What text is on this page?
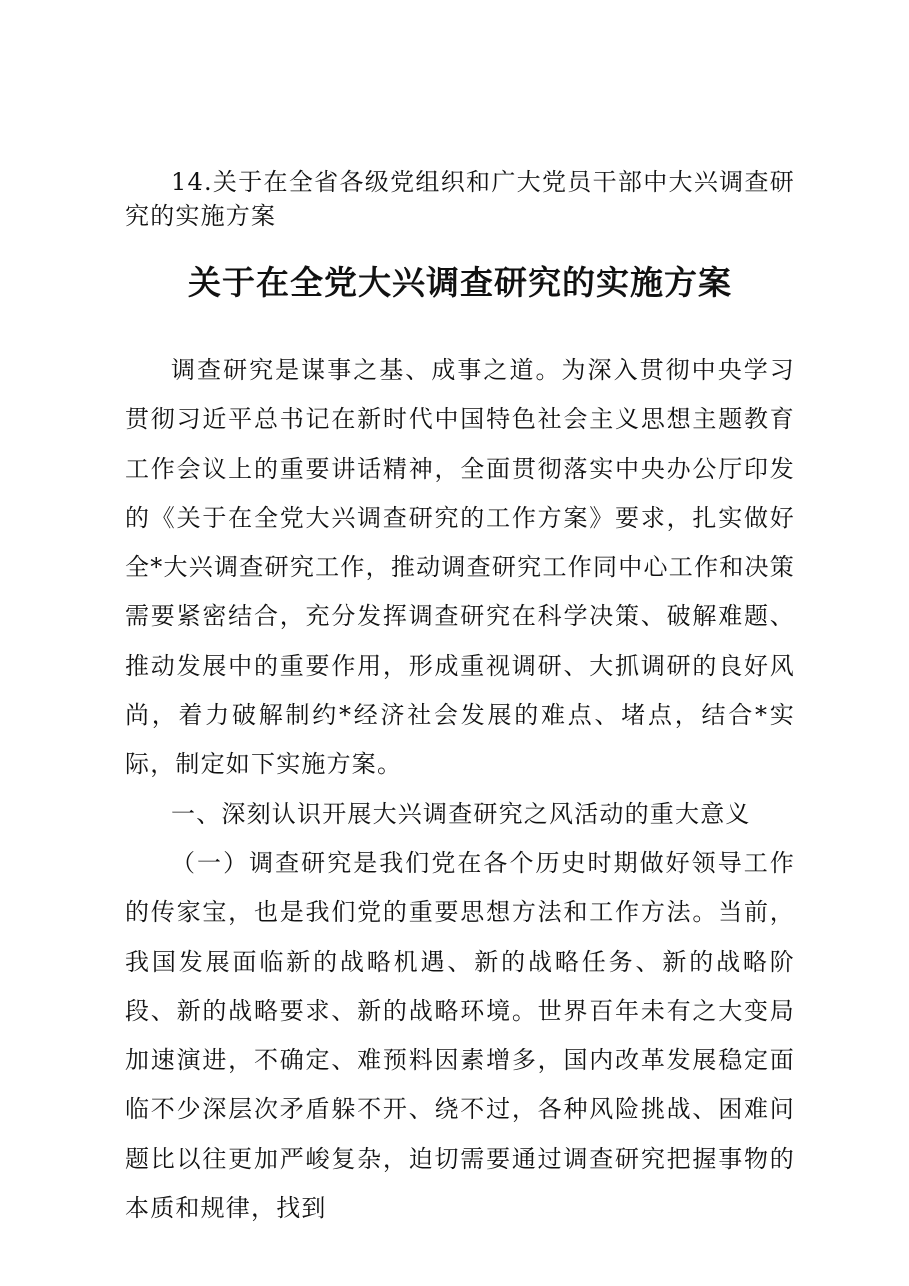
14.关于在全省各级党组织和广大党员干部中大兴调查研究的实施方案
关于在全党大兴调查研究的实施方案

调查研究是谋事之基、成事之道。为深入贯彻中央学习贯彻习近平总书记在新时代中国特色社会主义思想主题教育工作会议上的重要讲话精神，全面贯彻落实中央办公厅印发的《关于在全党大兴调查研究的工作方案》要求，扎实做好全*大兴调查研究工作，推动调查研究工作同中心工作和决策需要紧密结合，充分发挥调查研究在科学决策、破解难题、推动发展中的重要作用，形成重视调研、大抓调研的良好风尚，着力破解制约*经济社会发展的难点、堵点，结合*实际，制定如下实施方案。

一、深刻认识开展大兴调查研究之风活动的重大意义

（一）调查研究是我们党在各个历史时期做好领导工作的传家宝，也是我们党的重要思想方法和工作方法。当前，我国发展面临新的战略机遇、新的战略任务、新的战略阶段、新的战略要求、新的战略环境。世界百年未有之大变局加速演进，不确定、难预料因素增多，国内改革发展稳定面临不少深层次矛盾躲不开、绕不过，各种风险挑战、困难问题比以往更加严峻复杂，迫切需要通过调查研究把握事物的本质和规律，找到
